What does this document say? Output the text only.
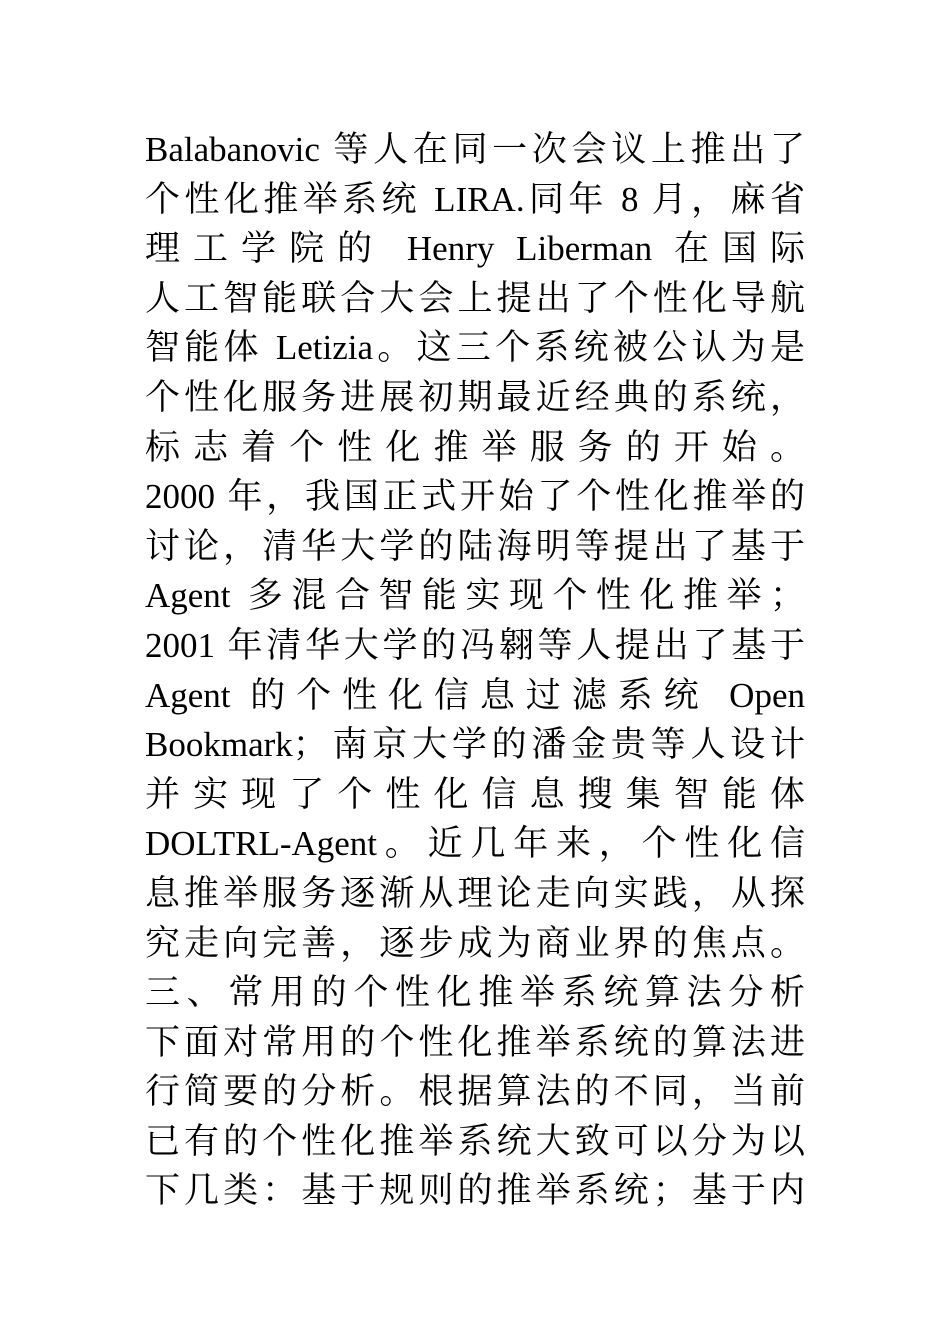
Balabanovic 等人在同一次会议上推出了
个性化推举系统 LIRA.同年 8 月，麻省
理工学院的 Henry Liberman 在国际
人工智能联合大会上提出了个性化导航
智能体 Letizia。这三个系统被公认为是
个性化服务进展初期最近经典的系统，
标志着个性化推举服务的开始。
2000 年，我国正式开始了个性化推举的
讨论，清华大学的陆海明等提出了基于
Agent 多混合智能实现个性化推举；
2001 年清华大学的冯翱等人提出了基于
Agent 的个性化信息过滤系统 Open
Bookmark；南京大学的潘金贵等人设计
并实现了个性化信息搜集智能体
DOLTRL-Agent。近几年来，个性化信
息推举服务逐渐从理论走向实践，从探
究走向完善，逐步成为商业界的焦点。
三、常用的个性化推举系统算法分析
下面对常用的个性化推举系统的算法进
行简要的分析。根据算法的不同，当前
已有的个性化推举系统大致可以分为以
下几类：基于规则的推举系统；基于内
